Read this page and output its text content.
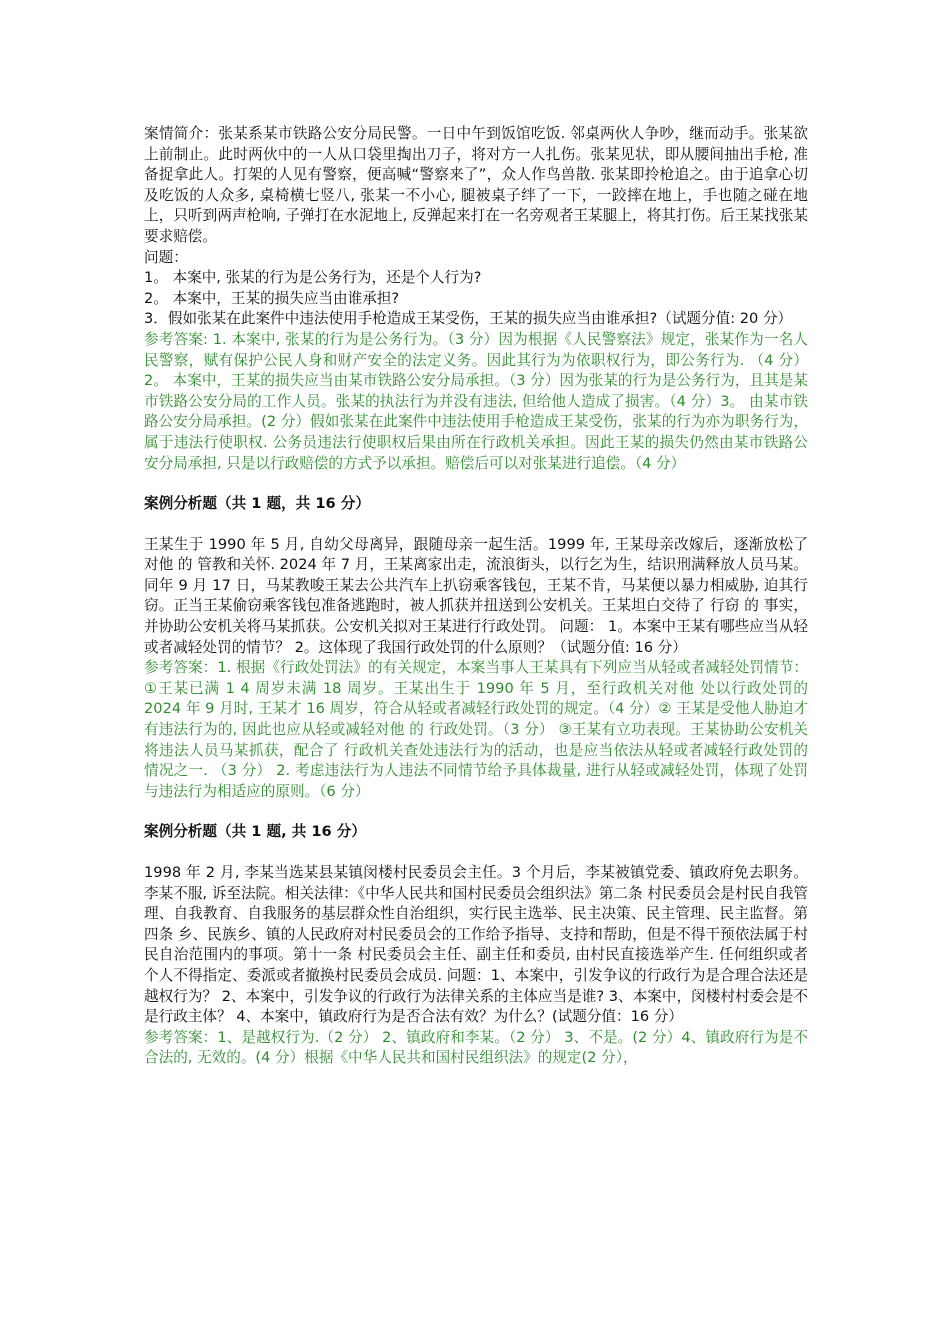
案情简介：张某系某市铁路公安分局民警。一日中午到饭馆吃饭. 邻桌两伙人争吵，继而动手。张某欲上前制止。此时两伙中的一人从口袋里掏出刀子，将对方一人扎伤。张某见状，即从腰间抽出手枪, 准备捉拿此人。打架的人见有警察，便高喊“警察来了”，众人作鸟兽散. 张某即拎枪追之。由于追拿心切及吃饭的人众多, 桌椅横七竖八, 张某一不小心, 腿被桌子绊了一下，一跤摔在地上，手也随之碰在地上，只听到两声枪响, 子弹打在水泥地上, 反弹起来打在一名旁观者王某腿上，将其打伤。后王某找张某要求赔偿。

问题：

1。 本案中, 张某的行为是公务行为，还是个人行为?

2。 本案中，王某的损失应当由谁承担?

3．假如张某在此案件中违法使用手枪造成王某受伤，王某的损失应当由谁承担?（试题分值: 20 分）

参考答案: 1. 本案中, 张某的行为是公务行为。（3 分）因为根据《人民警察法》规定，张某作为一名人民警察，赋有保护公民人身和财产安全的法定义务。因此其行为为依职权行为，即公务行为. （4 分）2。 本案中，王某的损失应当由某市铁路公安分局承担。（3 分）因为张某的行为是公务行为，且其是某市铁路公安分局的工作人员。张某的执法行为并没有违法, 但给他人造成了损害。（4 分）3。 由某市铁路公安分局承担。(2 分）假如张某在此案件中违法使用手枪造成王某受伤，张某的行为亦为职务行为，属于违法行使职权. 公务员违法行使职权后果由所在行政机关承担。因此王某的损失仍然由某市铁路公安分局承担, 只是以行政赔偿的方式予以承担。赔偿后可以对张某进行追偿。（4 分）

案例分析题（共 1 题，共 16 分）

王某生于 1990 年 5 月, 自幼父母离异，跟随母亲一起生活。1999 年, 王某母亲改嫁后，逐渐放松了 对他 的 管教和关怀. 2024 年 7 月，王某离家出走，流浪街头，以行乞为生，结识刑满释放人员马某。同年 9 月 17 日，马某教唆王某去公共汽车上扒窃乘客钱包，王某不肯，马某便以暴力相威胁, 迫其行窃。正当王某偷窃乘客钱包准备逃跑时，被人抓获并扭送到公安机关。王某坦白交待了 行窃 的 事实，并协助公安机关将马某抓获。公安机关拟对王某进行行政处罚。 问题： 1。本案中王某有哪些应当从轻或者减轻处罚的情节？ 2。这体现了我国行政处罚的什么原则？（试题分值: 16 分）

参考答案：1. 根据《行政处罚法》的有关规定，本案当事人王某具有下列应当从轻或者减轻处罚情节： ①王某已满 1 4 周岁未满 18 周岁。王某出生于 1990 年 5 月，至行政机关对他 处以行政处罚的 2024 年 9 月时, 王某才 16 周岁，符合从轻或者减轻行政处罚的规定。（4 分）② 王某是受他人胁迫才有违法行为的, 因此也应从轻或减轻对他 的 行政处罚。（3 分） ③王某有立功表现。王某协助公安机关将违法人员马某抓获，配合了 行政机关查处违法行为的活动，也是应当依法从轻或者减轻行政处罚的 情况之一. （3 分） 2. 考虑违法行为人违法不同情节给予具体裁量, 进行从轻或减轻处罚，体现了处罚与违法行为相适应的原则。（6 分）

案例分析题（共 1 题, 共 16 分）

1998 年 2 月, 李某当选某县某镇闵楼村民委员会主任。3 个月后，李某被镇党委、镇政府免去职务。李某不服, 诉至法院。相关法律：《中华人民共和国村民委员会组织法》第二条 村民委员会是村民自我管理、自我教育、自我服务的基层群众性自治组织，实行民主选举、民主决策、民主管理、民主监督。第四条 乡、民族乡、镇的人民政府对村民委员会的工作给予指导、支持和帮助，但是不得干预依法属于村民自治范围内的事项。第十一条 村民委员会主任、副主任和委员, 由村民直接选举产生. 任何组织或者个人不得指定、委派或者撤换村民委员会成员. 问题：1、本案中，引发争议的行政行为是合理合法还是越权行为？ 2、本案中，引发争议的行政行为法律关系的主体应当是谁? 3、本案中，闵楼村村委会是不是行政主体？ 4、本案中，镇政府行为是否合法有效？为什么？(试题分值：16 分）

参考答案：1、是越权行为.（2 分） 2、镇政府和李某。（2 分） 3、不是。(2 分）4、镇政府行为是不合法的, 无效的。(4 分）根据《中华人民共和国村民组织法》的规定(2 分），
